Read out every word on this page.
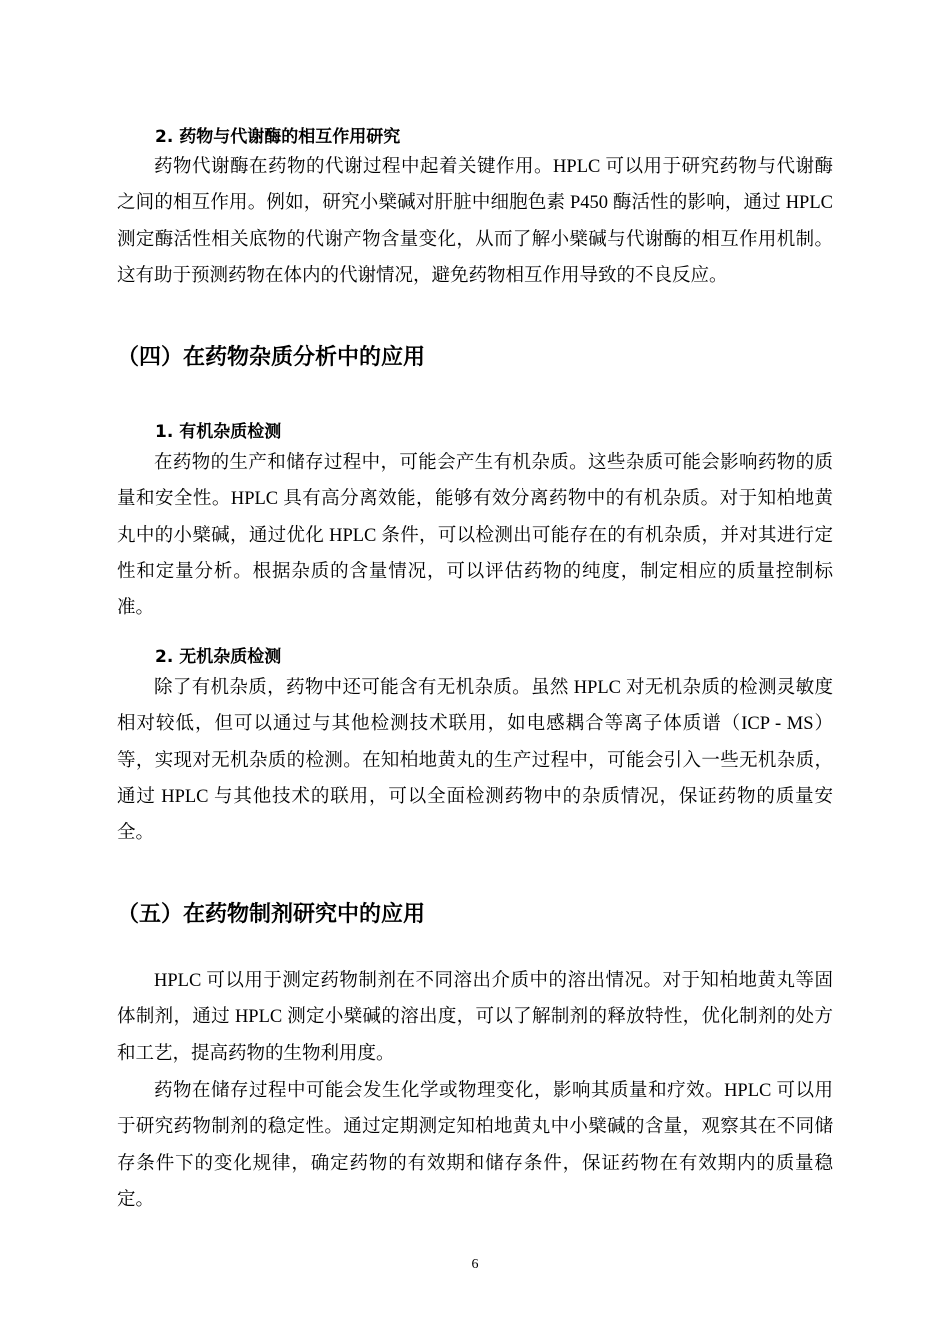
2. 药物与代谢酶的相互作用研究

药物代谢酶在药物的代谢过程中起着关键作用。HPLC 可以用于研究药物与代谢酶之间的相互作用。例如，研究小檗碱对肝脏中细胞色素 P450 酶活性的影响，通过 HPLC 测定酶活性相关底物的代谢产物含量变化，从而了解小檗碱与代谢酶的相互作用机制。这有助于预测药物在体内的代谢情况，避免药物相互作用导致的不良反应。

（四）在药物杂质分析中的应用
1. 有机杂质检测

在药物的生产和储存过程中，可能会产生有机杂质。这些杂质可能会影响药物的质量和安全性。HPLC 具有高分离效能，能够有效分离药物中的有机杂质。对于知柏地黄丸中的小檗碱，通过优化 HPLC 条件，可以检测出可能存在的有机杂质，并对其进行定性和定量分析。根据杂质的含量情况，可以评估药物的纯度，制定相应的质量控制标准。

2. 无机杂质检测

除了有机杂质，药物中还可能含有无机杂质。虽然 HPLC 对无机杂质的检测灵敏度相对较低，但可以通过与其他检测技术联用，如电感耦合等离子体质谱（ICP - MS）等，实现对无机杂质的检测。在知柏地黄丸的生产过程中，可能会引入一些无机杂质，通过 HPLC 与其他技术的联用，可以全面检测药物中的杂质情况，保证药物的质量安全。

（五）在药物制剂研究中的应用

HPLC 可以用于测定药物制剂在不同溶出介质中的溶出情况。对于知柏地黄丸等固体制剂，通过 HPLC 测定小檗碱的溶出度，可以了解制剂的释放特性，优化制剂的处方和工艺，提高药物的生物利用度。

药物在储存过程中可能会发生化学或物理变化，影响其质量和疗效。HPLC 可以用于研究药物制剂的稳定性。通过定期测定知柏地黄丸中小檗碱的含量，观察其在不同储存条件下的变化规律，确定药物的有效期和储存条件，保证药物在有效期内的质量稳定。

6
